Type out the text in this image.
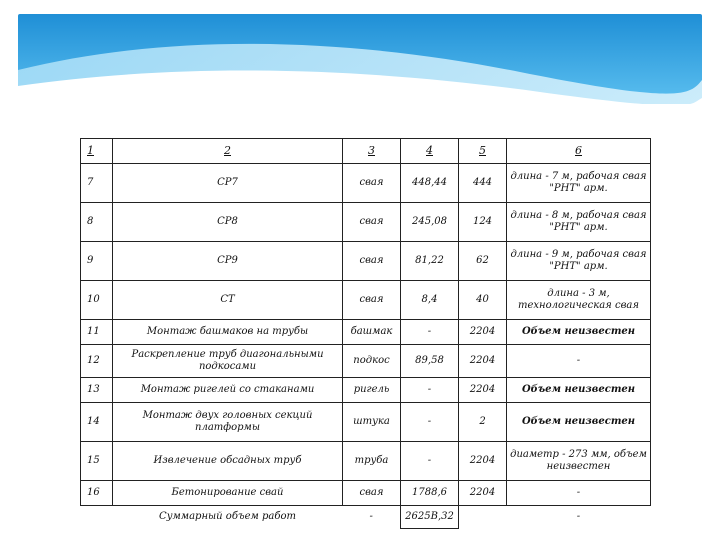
1	2	3	4	5	6
7	СР7	свая	448,44	444	длина - 7 м, рабочая свая "РНТ" арм.
8	СР8	свая	245,08	124	длина - 8 м, рабочая свая "РНТ" арм.
9	СР9	свая	81,22	62	длина - 9 м, рабочая свая "РНТ" арм.
10	СТ	свая	8,4	40	длина - 3 м, технологическая свая
11	Монтаж башмаков на трубы	башмак	-	2204	Объем неизвестен
12	Раскрепление труб диагональными подкосами	подкос	89,58	2204	-
13	Монтаж ригелей со стаканами	ригель	-	2204	Объем неизвестен
14	Монтаж двух головных секций платформы	штука	-	2	Объем неизвестен
15	Извлечение обсадных труб	труба	-	2204	диаметр - 273 мм, объем неизвестен
16	Бетонирование свай	свая	1788,6	2204	-
	Суммарный объем работ	-	2625В,32		-
